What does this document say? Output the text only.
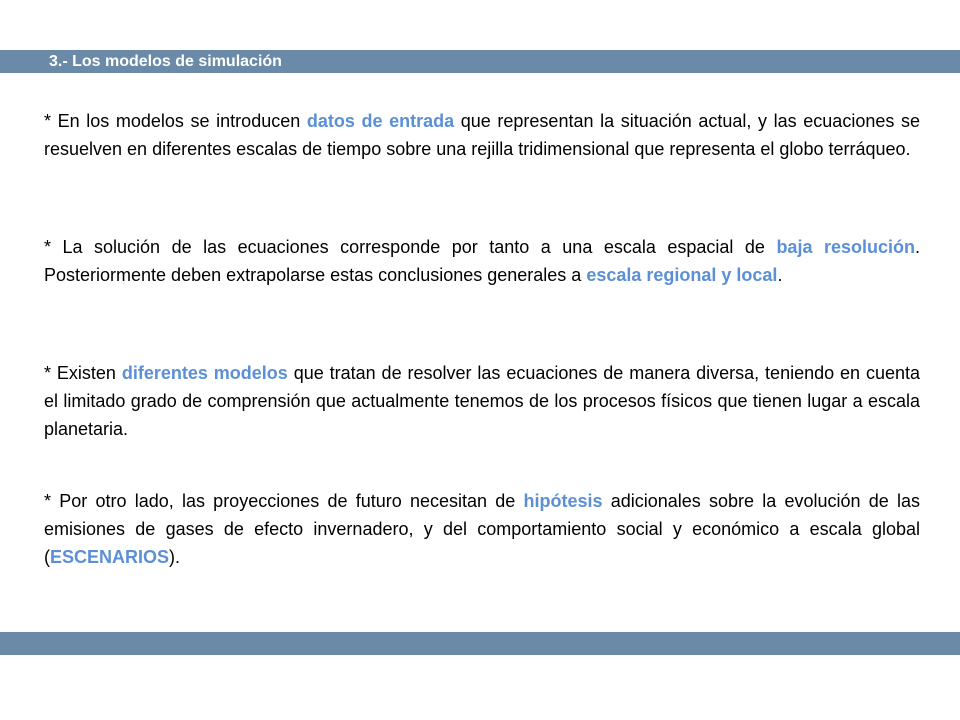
3.- Los modelos de simulación

* En los modelos se introducen datos de entrada que representan la situación actual, y las ecuaciones se resuelven en diferentes escalas de tiempo sobre una rejilla tridimensional que representa el globo terráqueo.

* La solución de las ecuaciones corresponde por tanto a una escala espacial de baja resolución. Posteriormente deben extrapolarse estas conclusiones generales a escala regional y local.

* Existen diferentes modelos que tratan de resolver las ecuaciones de manera diversa, teniendo en cuenta el limitado grado de comprensión que actualmente tenemos de los procesos físicos que tienen lugar a escala planetaria.

* Por otro lado, las proyecciones de futuro necesitan de hipótesis adicionales sobre la evolución de las emisiones de gases de efecto invernadero, y del comportamiento social y económico a escala global (ESCENARIOS).
